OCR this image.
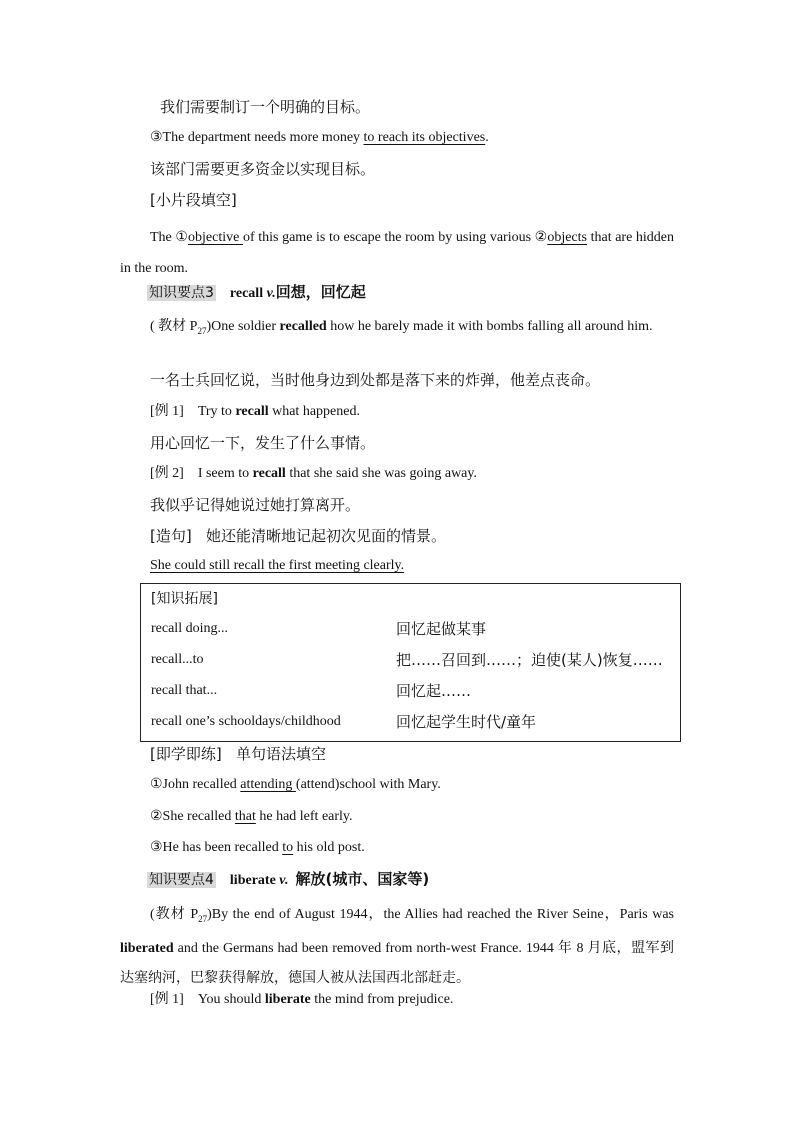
我们需要制订一个明确的目标。
③The department needs more money to reach its objectives.
该部门需要更多资金以实现目标。
[小片段填空]
The ①objective of this game is to escape the room by using various ②objects that are hidden in the room.
知识要点3 recall v.回想，回忆起
( 教材 $P_{27})One$ soldier recalled how he barely made it with bombs falling all around him.
一名士兵回忆说，当时他身边到处都是落下来的炸弹，他差点丧命。
[例 1]    Try to recall what happened.
用心回忆一下，发生了什么事情。
[例 2]    I seem to recall that she said she was going away.
我似乎记得她说过她打算离开。
[造句]   她还能清晰地记起初次见面的情景。
She could still recall the first meeting clearly.
[知识拓展]
recall doing...	回忆起做某事
recall...to	把……召回到……；迫使(某人)恢复……
recall that...	回忆起……
recall one’s schooldays/childhood	回忆起学生时代/童年
[即学即练]   单句语法填空
①John recalled attending (attend)school with Mary.
②She recalled that he had left early.
③He has been recalled to his old post.
知识要点4 liberate v. 解放(城市、国家等)
(教材 $P_{27})By$ the end of August 1944，the Allies had reached the River Seine，Paris was liberated and the Germans had been removed from north-west France. 1944 年 8 月底，盟军到达塞纳河，巴黎获得解放，德国人被从法国西北部赶走。
[例 1]    You should liberate the mind from prejudice.
